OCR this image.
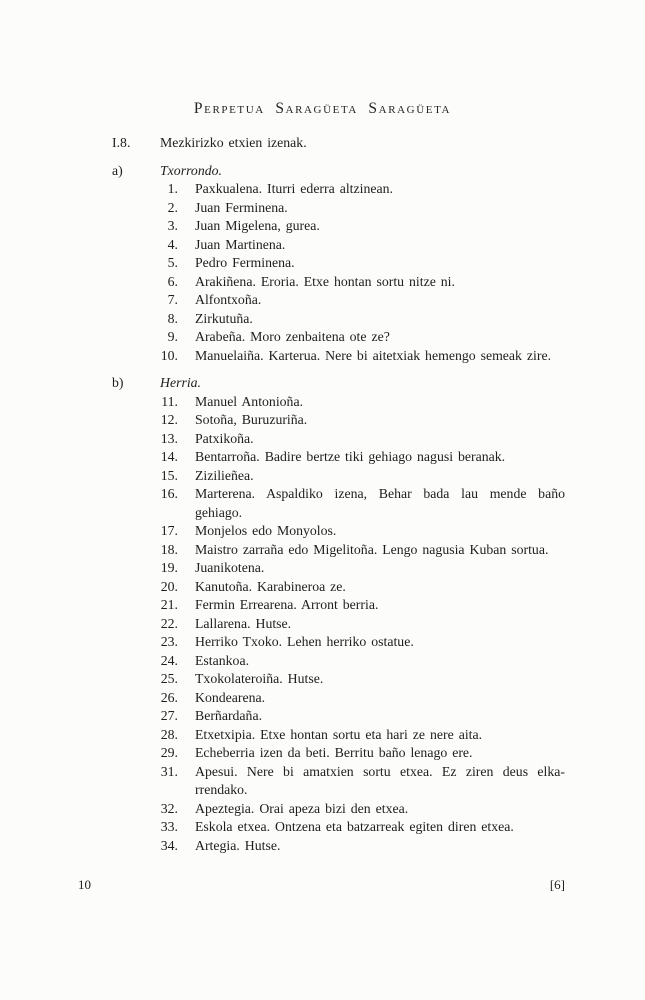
Perpetua Saragüeta Saragüeta
I.8.	Mezkirizko etxien izenak.
a)	Txorrondo.
1. Paxkualena. Iturri ederra altzinean.
2. Juan Ferminena.
3. Juan Migelena, gurea.
4. Juan Martinena.
5. Pedro Ferminena.
6. Arakiñena. Eroria. Etxe hontan sortu nitze ni.
7. Alfontxoña.
8. Zirkutuña.
9. Arabeña. Moro zenbaitena ote ze?
10. Manuelaiña. Karterua. Nere bi aitetxiak hemengo semeak zire.
b)	Herria.
11. Manuel Antonioña.
12. Sotoña, Buruzuriña.
13. Patxikoña.
14. Bentarroña. Badire bertze tiki gehiago nagusi beranak.
15. Zizilieñea.
16. Marterena. Aspaldiko izena, Behar bada lau mende baño
gehiago.
17. Monjelos edo Monyolos.
18. Maistro zarraña edo Migelitoña. Lengo nagusia Kuban sortua.
19. Juanikotena.
20. Kanutoña. Karabineroa ze.
21. Fermin Errearena. Arront berria.
22. Lallarena. Hutse.
23. Herriko Txoko. Lehen herriko ostatue.
24. Estankoa.
25. Txokolateroiña. Hutse.
26. Kondearena.
27. Berñardaña.
28. Etxetxipia. Etxe hontan sortu eta hari ze nere aita.
29. Echeberria izen da beti. Berritu baño lenago ere.
31. Apesui. Nere bi amatxien sortu etxea. Ez ziren deus elka-
rrendako.
32. Apeztegia. Orai apeza bizi den etxea.
33. Eskola etxea. Ontzena eta batzarreak egiten diren etxea.
34. Artegia. Hutse.
10	[6]
